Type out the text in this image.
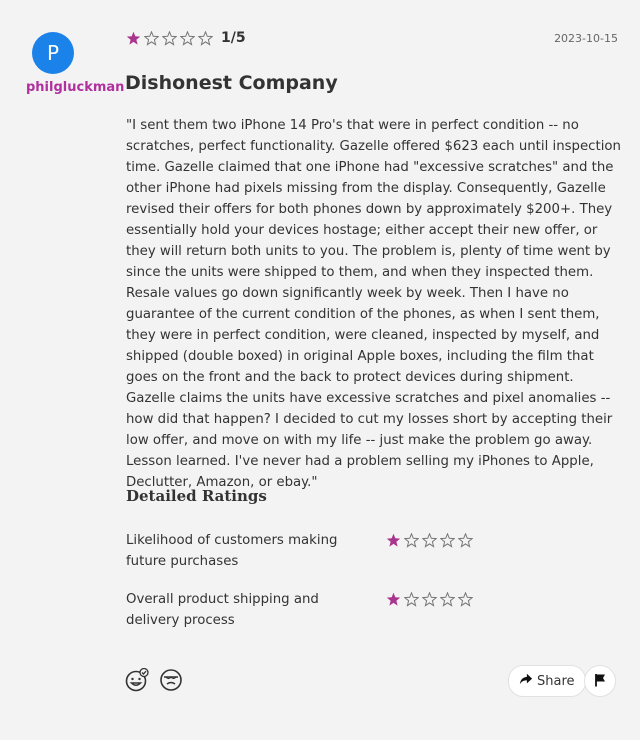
P
philgluckman
1/5	2023-10-15
Dishonest Company

"I sent them two iPhone 14 Pro's that were in perfect condition -- no scratches, perfect functionality. Gazelle offered $623 each until inspection time. Gazelle claimed that one iPhone had "excessive scratches" and the other iPhone had pixels missing from the display. Consequently, Gazelle revised their offers for both phones down by approximately $200+. They essentially hold your devices hostage; either accept their new offer, or they will return both units to you. The problem is, plenty of time went by since the units were shipped to them, and when they inspected them. Resale values go down significantly week by week. Then I have no guarantee of the current condition of the phones, as when I sent them, they were in perfect condition, were cleaned, inspected by myself, and shipped (double boxed) in original Apple boxes, including the film that goes on the front and the back to protect devices during shipment. Gazelle claims the units have excessive scratches and pixel anomalies -- how did that happen? I decided to cut my losses short by accepting their low offer, and move on with my life -- just make the problem go away. Lesson learned. I've never had a problem selling my iPhones to Apple, Declutter, Amazon, or ebay."

Detailed Ratings
Likelihood of customers making future purchases
Overall product shipping and delivery process
Share
